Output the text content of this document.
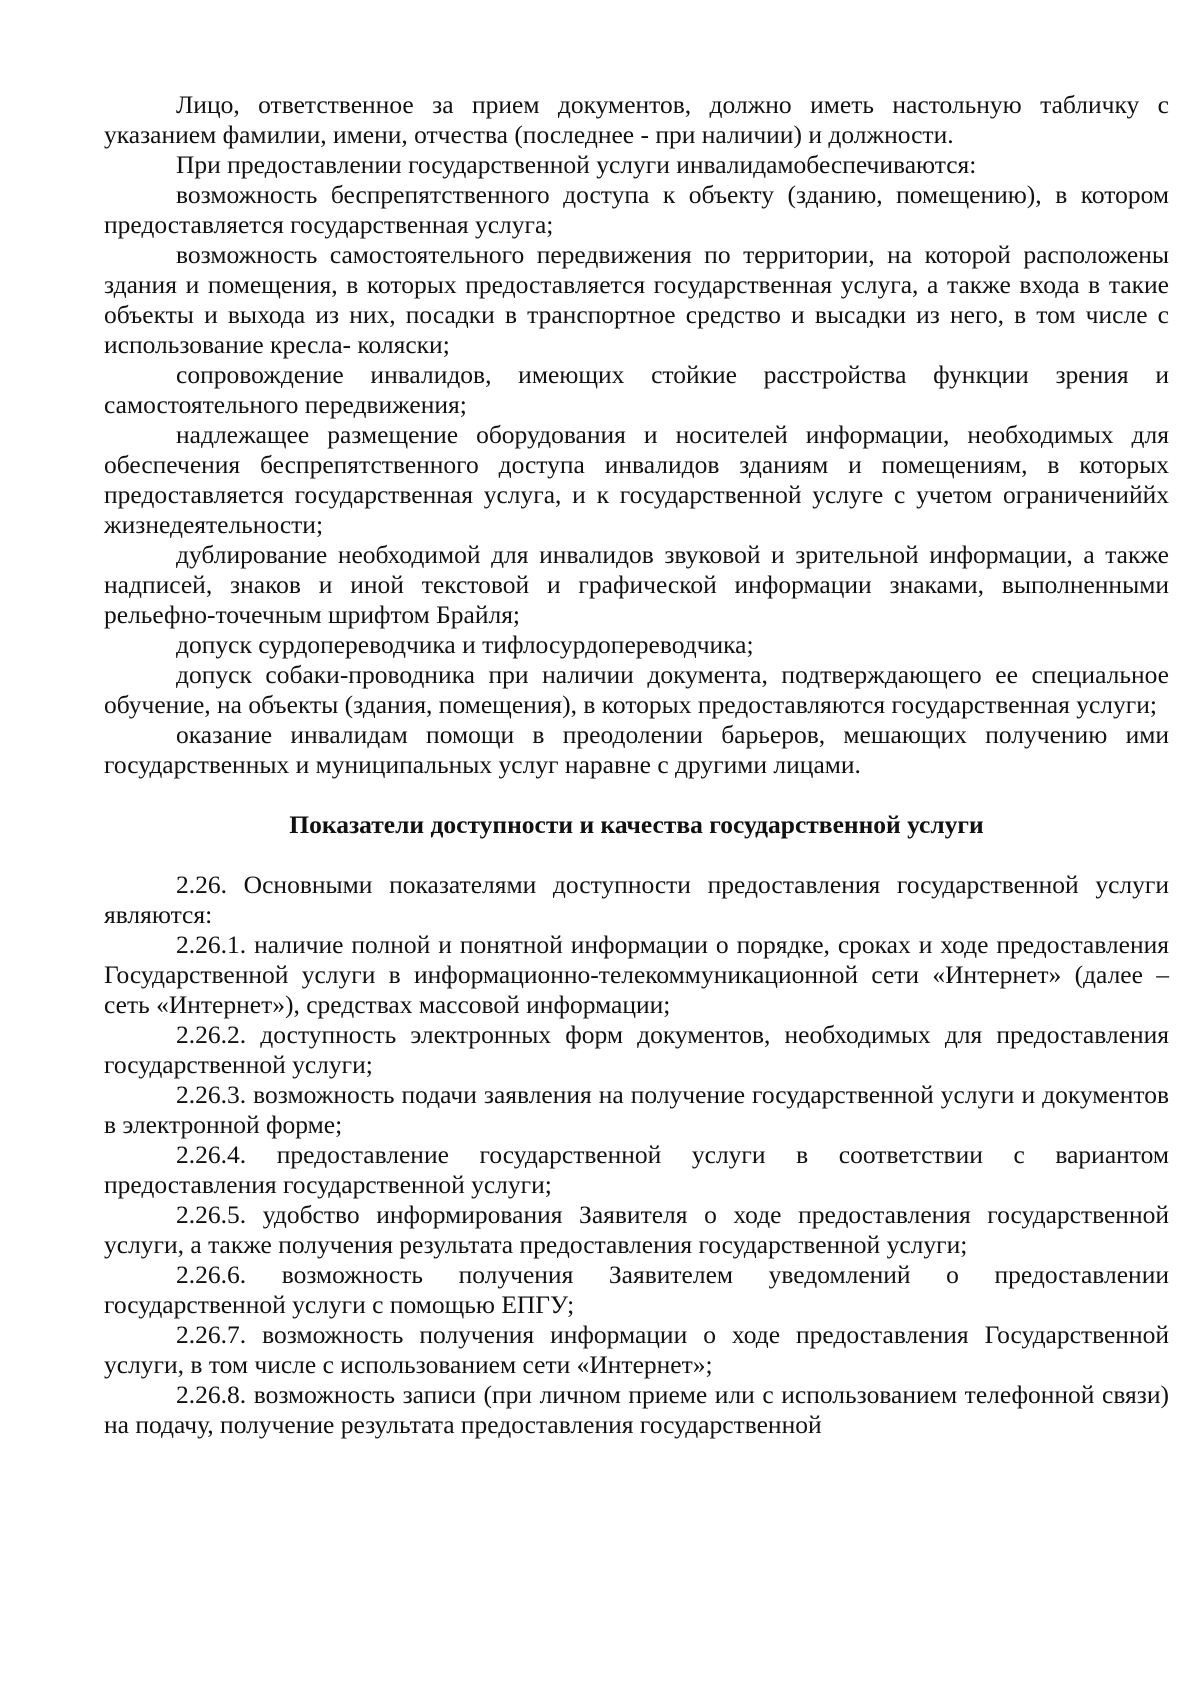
Лицо, ответственное за прием документов, должно иметь настольную табличку с указанием фамилии, имени, отчества (последнее - при наличии) и должности.

При предоставлении государственной услуги инвалидамобеспечиваются:

возможность беспрепятственного доступа к объекту (зданию, помещению), в котором предоставляется государственная услуга;

возможность самостоятельного передвижения по территории, на которой расположены здания и помещения, в которых предоставляется государственная услуга, а также входа в такие объекты и выхода из них, посадки в транспортное средство и высадки из него, в том числе с использование кресла- коляски;

сопровождение инвалидов, имеющих стойкие расстройства функции зрения и самостоятельного передвижения;

надлежащее размещение оборудования и носителей информации, необходимых для обеспечения беспрепятственного доступа инвалидов зданиям и помещениям, в которых предоставляется государственная услуга, и к государственной услуге с учетом ограничениййх жизнедеятельности;

дублирование необходимой для инвалидов звуковой и зрительной информации, а также надписей, знаков и иной текстовой и графической информации знаками, выполненными рельефно-точечным шрифтом Брайля;

допуск сурдопереводчика и тифлосурдопереводчика;

допуск собаки-проводника при наличии документа, подтверждающего ее специальное обучение, на объекты (здания, помещения), в которых предоставляются государственная услуги;

оказание инвалидам помощи в преодолении барьеров, мешающих получению ими государственных и муниципальных услуг наравне с другими лицами.

Показатели доступности и качества государственной услуги

2.26. Основными показателями доступности предоставления государственной услуги являются:

2.26.1. наличие полной и понятной информации о порядке, сроках и ходе предоставления Государственной услуги в информационно-телекоммуникационной сети «Интернет» (далее – сеть «Интернет»), средствах массовой информации;

2.26.2. доступность электронных форм документов, необходимых для предоставления государственной услуги;

2.26.3. возможность подачи заявления на получение государственной услуги и документов в электронной форме;

2.26.4. предоставление государственной услуги в соответствии с вариантом предоставления государственной услуги;

2.26.5. удобство информирования Заявителя о ходе предоставления государственной услуги, а также получения результата предоставления государственной услуги;

2.26.6. возможность получения Заявителем уведомлений о предоставлении государственной услуги с помощью ЕПГУ;

2.26.7. возможность получения информации о ходе предоставления Государственной услуги, в том числе с использованием сети «Интернет»;

2.26.8. возможность записи (при личном приеме или с использованием телефонной связи) на подачу, получение результата предоставления государственной
